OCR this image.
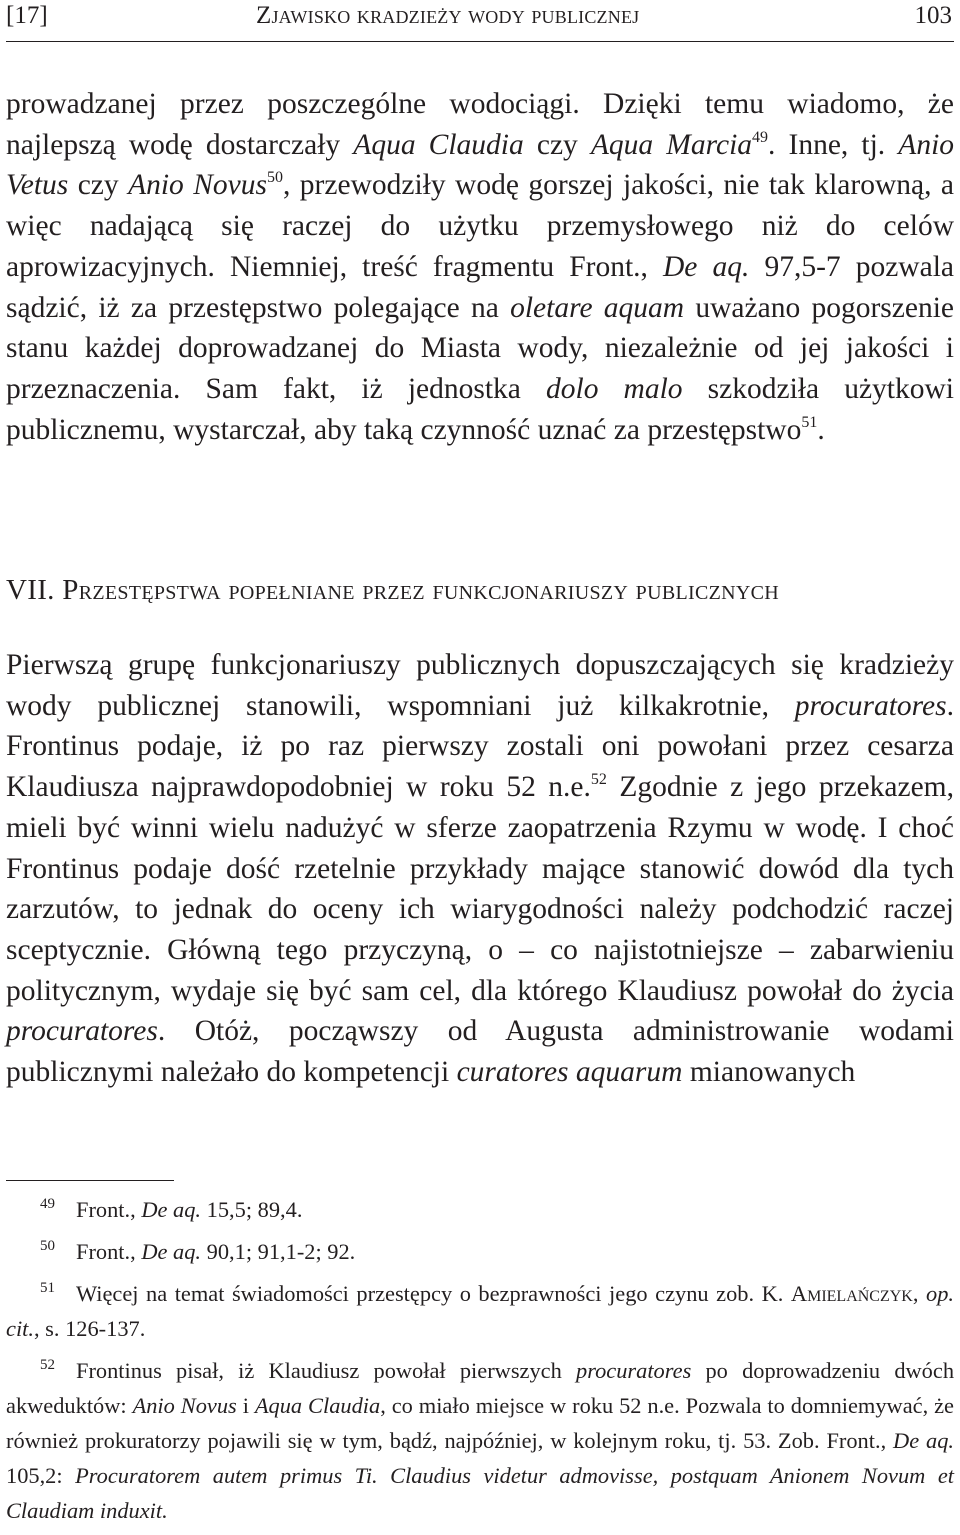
[17]	Zjawisko kradzieży wody publicznej	103

prowadzanej przez poszczególne wodociągi. Dzięki temu wiadomo, że najlepszą wodę dostarczały Aqua Claudia czy Aqua Marcia$^{49}$. Inne, tj. Anio Vetus czy Anio Novus$^{50}$, przewodziły wodę gorszej jakości, nie tak klarowną, a więc nadającą się raczej do użytku przemysłowego niż do celów aprowizacyjnych. Niemniej, treść fragmentu Front., De aq. 97,5-7 pozwala sądzić, iż za przestępstwo polegające na oletare aquam uważano pogorszenie stanu każdej doprowadzanej do Miasta wody, niezależnie od jej jakości i przeznaczenia. Sam fakt, iż jednostka dolo malo szkodziła użytkowi publicznemu, wystarczał, aby taką czynność uznać za przestępstwo$^{51}$.

VII. Przestępstwa popełniane przez funkcjonariuszy publicznych

Pierwszą grupę funkcjonariuszy publicznych dopuszczających się kradzieży wody publicznej stanowili, wspomniani już kilkakrotnie, procuratores. Frontinus podaje, iż po raz pierwszy zostali oni powołani przez cesarza Klaudiusza najprawdopodobniej w roku 52 n.e.$^{52}$ Zgodnie z jego przekazem, mieli być winni wielu nadużyć w sferze zaopatrzenia Rzymu w wodę. I choć Frontinus podaje dość rzetelnie przykłady mające stanowić dowód dla tych zarzutów, to jednak do oceny ich wiarygodności należy podchodzić raczej sceptycznie. Główną tego przyczyną, o – co najistotniejsze – zabarwieniu politycznym, wydaje się być sam cel, dla którego Klaudiusz powołał do życia procuratores. Otóż, począwszy od Augusta administrowanie wodami publicznymi należało do kompetencji curatores aquarum mianowanych

49 Front., De aq. 15,5; 89,4.

50 Front., De aq. 90,1; 91,1-2; 92.

51 Więcej na temat świadomości przestępcy o bezprawności jego czynu zob. K. Amielańczyk, op. cit., s. 126-137.

52 Frontinus pisał, iż Klaudiusz powołał pierwszych procuratores po doprowadzeniu dwóch akweduktów: Anio Novus i Aqua Claudia, co miało miejsce w roku 52 n.e. Pozwala to domniemywać, że również prokuratorzy pojawili się w tym, bądź, najpóźniej, w kolejnym roku, tj. 53. Zob. Front., De aq. 105,2: Procuratorem autem primus Ti. Claudius videtur admovisse, postquam Anionem Novum et Claudiam induxit.
